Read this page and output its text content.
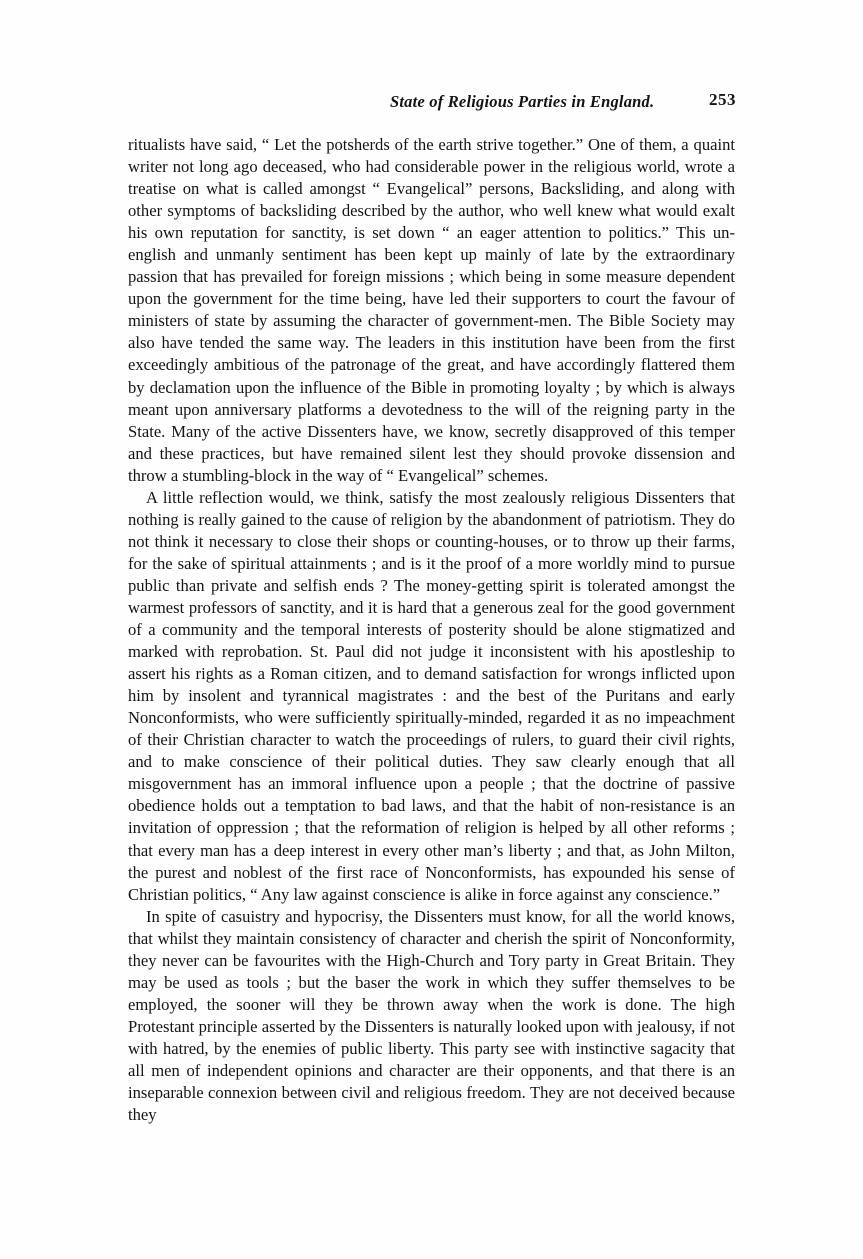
State of Religious Parties in England.	253

ritualists have said, “ Let the potsherds of the earth strive together.” One of them, a quaint writer not long ago deceased, who had considerable power in the religious world, wrote a treatise on what is called amongst “ Evangelical” persons, Backsliding, and along with other symptoms of backsliding described by the author, who well knew what would exalt his own reputation for sanctity, is set down “ an eager attention to politics.” This un-english and unmanly sentiment has been kept up mainly of late by the extraordinary passion that has prevailed for foreign missions ; which being in some measure dependent upon the government for the time being, have led their supporters to court the favour of ministers of state by assuming the character of government-men. The Bible Society may also have tended the same way. The leaders in this institution have been from the first exceedingly ambitious of the patronage of the great, and have accordingly flattered them by declamation upon the influence of the Bible in promoting loyalty ; by which is always meant upon anniversary platforms a devotedness to the will of the reigning party in the State. Many of the active Dissenters have, we know, secretly disapproved of this temper and these practices, but have remained silent lest they should provoke dissension and throw a stumbling-block in the way of “ Evangelical” schemes.

A little reflection would, we think, satisfy the most zealously religious Dissenters that nothing is really gained to the cause of religion by the abandonment of patriotism. They do not think it necessary to close their shops or counting-houses, or to throw up their farms, for the sake of spiritual attainments ; and is it the proof of a more worldly mind to pursue public than private and selfish ends ? The money-getting spirit is tolerated amongst the warmest professors of sanctity, and it is hard that a generous zeal for the good government of a community and the temporal interests of posterity should be alone stigmatized and marked with reprobation. St. Paul did not judge it inconsistent with his apostleship to assert his rights as a Roman citizen, and to demand satisfaction for wrongs inflicted upon him by insolent and tyrannical magistrates : and the best of the Puritans and early Nonconformists, who were sufficiently spiritually-minded, regarded it as no impeachment of their Christian character to watch the proceedings of rulers, to guard their civil rights, and to make conscience of their political duties. They saw clearly enough that all misgovernment has an immoral influence upon a people ; that the doctrine of passive obedience holds out a temptation to bad laws, and that the habit of non-resistance is an invitation of oppression ; that the reformation of religion is helped by all other reforms ; that every man has a deep interest in every other man’s liberty ; and that, as John Milton, the purest and noblest of the first race of Nonconformists, has expounded his sense of Christian politics, “ Any law against conscience is alike in force against any conscience.”

In spite of casuistry and hypocrisy, the Dissenters must know, for all the world knows, that whilst they maintain consistency of character and cherish the spirit of Nonconformity, they never can be favourites with the High-Church and Tory party in Great Britain. They may be used as tools ; but the baser the work in which they suffer themselves to be employed, the sooner will they be thrown away when the work is done. The high Protestant principle asserted by the Dissenters is naturally looked upon with jealousy, if not with hatred, by the enemies of public liberty. This party see with instinctive sagacity that all men of independent opinions and character are their opponents, and that there is an inseparable connexion between civil and religious freedom. They are not deceived because they
